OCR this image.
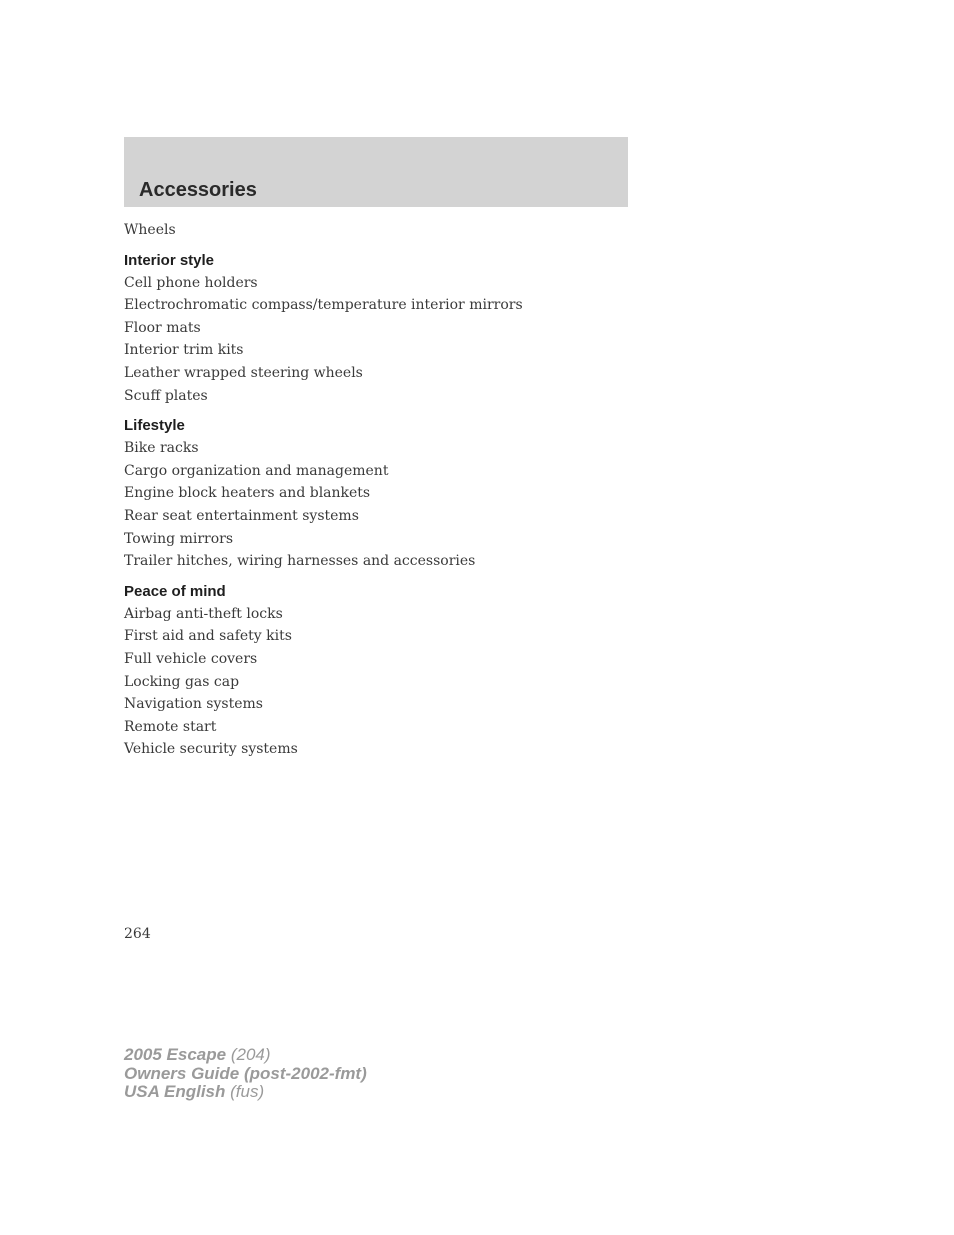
Accessories
Wheels
Interior style
Cell phone holders
Electrochromatic compass/temperature interior mirrors
Floor mats
Interior trim kits
Leather wrapped steering wheels
Scuff plates
Lifestyle
Bike racks
Cargo organization and management
Engine block heaters and blankets
Rear seat entertainment systems
Towing mirrors
Trailer hitches, wiring harnesses and accessories
Peace of mind
Airbag anti-theft locks
First aid and safety kits
Full vehicle covers
Locking gas cap
Navigation systems
Remote start
Vehicle security systems
264
2005 Escape (204)
Owners Guide (post-2002-fmt)
USA English (fus)
